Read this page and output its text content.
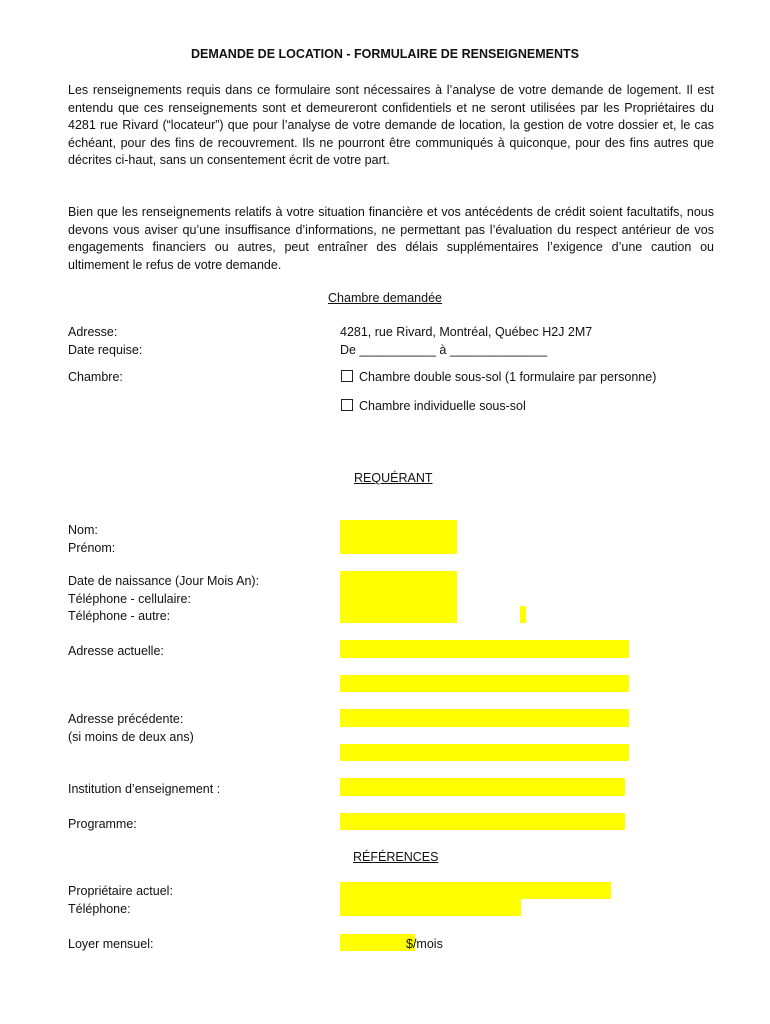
DEMANDE DE LOCATION - FORMULAIRE DE RENSEIGNEMENTS
Les renseignements requis dans ce formulaire sont nécessaires à l’analyse de votre demande de logement. Il est entendu que ces renseignements sont et demeureront confidentiels et ne seront utilisées par les Propriétaires du 4281 rue Rivard (“locateur”) que pour l’analyse de votre demande de location, la gestion de votre dossier et, le cas échéant, pour des fins de recouvrement. Ils ne pourront être communiqués à quiconque, pour des fins autres que décrites ci-haut, sans un consentement écrit de votre part.
Bien que les renseignements relatifs à votre situation financière et vos antécédents de crédit soient facultatifs, nous devons vous aviser qu’une insuffisance d’informations, ne permettant pas l’évaluation du respect antérieur de vos engagements financiers ou autres, peut entraîner des délais supplémentaires l’exigence d’une caution ou ultimement le refus de votre demande.
Chambre demandée
Adresse:	4281, rue Rivard, Montréal, Québec H2J 2M7
Date requise:	De ___________ à ______________
Chambre:	Chambre double sous-sol (1 formulaire par personne)
Chambre individuelle sous-sol
REQUÉRANT
Nom:
Prénom:
Date de naissance (Jour Mois An):
Téléphone - cellulaire:
Téléphone - autre:
Adresse actuelle:
Adresse précédente:
(si moins de deux ans)
Institution d’enseignement :
Programme:
RÉFÉRENCES
Propriétaire actuel:
Téléphone:
Loyer mensuel:	$/mois
